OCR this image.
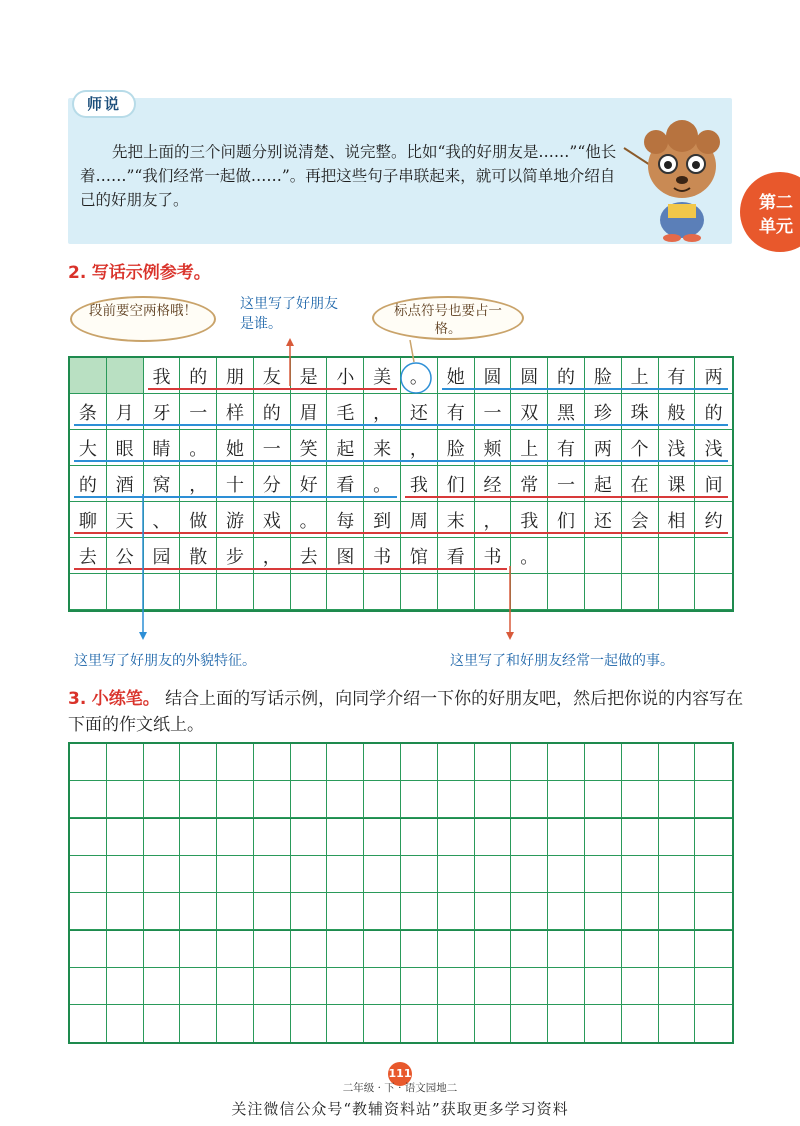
师说
先把上面的三个问题分别说清楚、说完整。比如“我的好朋友是……”“他长着……”“我们经常一起做……”。再把这些句子串联起来，就可以简单地介绍自己的好朋友了。	第二
单元
2. 写话示例参考。
段前要空两格哦！	标点符号也要占一格。
这里写了好朋友是谁。
我	的	朋	友	是	小	美	。	她	圆	圆	的	脸	上	有	两
条	月	牙	一	样	的	眉	毛	，	还	有	一	双	黑	珍	珠	般	的
大	眼	睛	。	她	一	笑	起	来	，	脸	颊	上	有	两	个	浅	浅
的	酒	窝	，	十	分	好	看	。	我	们	经	常	一	起	在	课	间
聊	天	、	做	游	戏	。	每	到	周	末	，	我	们	还	会	相	约
去	公	园	散	步	，	去	图	书	馆	看	书	。
这里写了好朋友的外貌特征。	这里写了和好朋友经常一起做的事。
3. 小练笔。 结合上面的写话示例，向同学介绍一下你的好朋友吧，然后把你说的内容写在下面的作文纸上。
111
二年级 · 下 · 语文园地二
关注微信公众号“教辅资料站”获取更多学习资料
